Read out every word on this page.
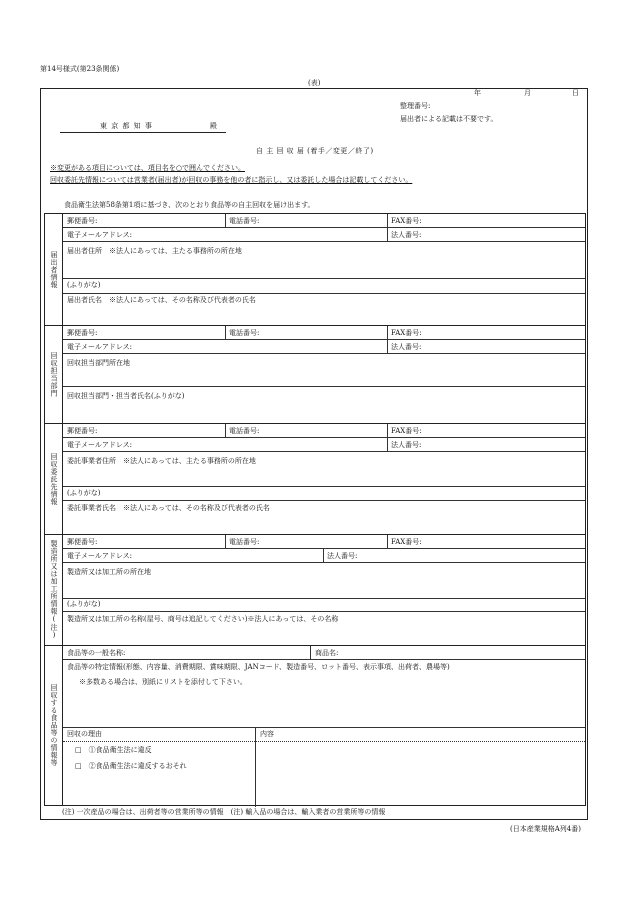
第14号様式(第23条関係)
(表)
年	月	日
整理番号:
届出者による記載は不要です。
東 京 都 知 事	殿
自 主 回 収 届 (着手／変更／終了)
※変更がある項目については、項目名を○で囲んでください。
回収委託先情報については営業者(届出者)が回収の事務を他の者に指示し、又は委託した場合は記載してください。
食品衛生法第58条第1項に基づき、次のとおり食品等の自主回収を届け出ます。
届出者情報
郵便番号:	電話番号:	FAX番号:
電子メールアドレス:	法人番号:
届出者住所　※法人にあっては、主たる事務所の所在地
(ふりがな)
届出者氏名　※法人にあっては、その名称及び代表者の氏名
回収担当部門
郵便番号:	電話番号:	FAX番号:
電子メールアドレス:	法人番号:
回収担当部門所在地
回収担当部門・担当者氏名(ふりがな)
回収委託先情報
郵便番号:	電話番号:	FAX番号:
電子メールアドレス:	法人番号:
委託事業者住所　※法人にあっては、主たる事務所の所在地
(ふりがな)
委託事業者氏名　※法人にあっては、その名称及び代表者の氏名
製造所又は加工所情報(注) 郵便番号:	電話番号:	FAX番号:
電子メールアドレス:	法人番号:
製造所又は加工所の所在地
(ふりがな)
製造所又は加工所の名称(屋号、商号は追記してください)※法人にあっては、その名称
回収する食品等の情報等
食品等の一般名称:	商品名:
食品等の特定情報(形態、内容量、消費期限、賞味期限、JANコード、製造番号、ロット番号、表示事項、出荷者、農場等)
※多数ある場合は、別紙にリストを添付して下さい。
回収の理由	内容
□　①食品衛生法に違反
□　②食品衛生法に違反するおそれ
(注) 一次産品の場合は、出荷者等の営業所等の情報　(注) 輸入品の場合は、輸入業者の営業所等の情報
(日本産業規格A列4番)
